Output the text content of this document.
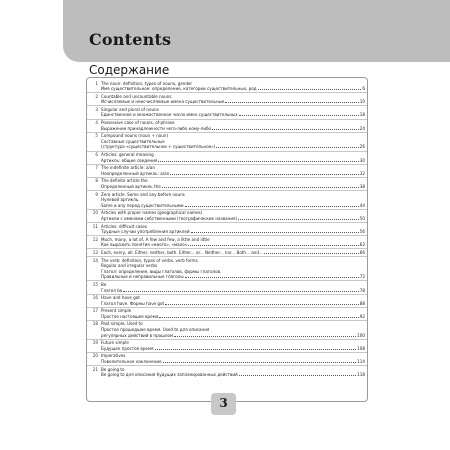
Contents
Содержание
1 The noun: definition, types of nouns, gender
Имя существительное: определение, категории существительных, род	6
2 Countable and uncountable nouns
Исчисляемые и неисчисляемые имена существительные	10
3 Singular and plural of nouns
Единственное и множественное число имен существительных	18
4 Possessive case of nouns, of-phrase
Выражение принадлежности чего-либо кому-либо	24
5 Compound nouns (noun + noun)
Составные существительные
(структура «существительное + существительное»)	26
6 Articles: general meaning
Артикль: общие сведения	30
7 The indefinite article: a/an
Неопределенный артикль: a/an	32
8 The definite article the
Определенный артикль the	38
9 Zero article. Some and any before nouns
Нулевой артикль.
Some и any перед существительными	44
10 Articles with proper names (geographical names)
Артикли с именами собственными (географические названия)	50
11 Articles: difficult cases
Трудные случаи употребления артиклей	56
12 Much, many, a lot of, A few and few, a little and little
Как выразить понятия «много», «мало»	62
13 Each, every, all. Either, neither, both. Either... or... Neither... nor... Both... and...	66
14 The verb: definition, types of verbs, verb forms.
Regular and irregular verbs
Глагол: определение, виды глаголов, формы глаголов.
Правильные и неправильные глаголы	72
15 Be
Глагол be	78
16 Have and have got
Глагол have. Формы have got	88
17 Present simple
Простое настоящее время	92
18 Past simple, Used to
Простое прошедшее время. Used to для описания
регулярных действий в прошлом	100
19 Future simple
Будущее простое время	108
20 Imperatives
Повелительное наклонение	114
21 Be going to
Be going to для описания будущих запланированных действий	118
3
